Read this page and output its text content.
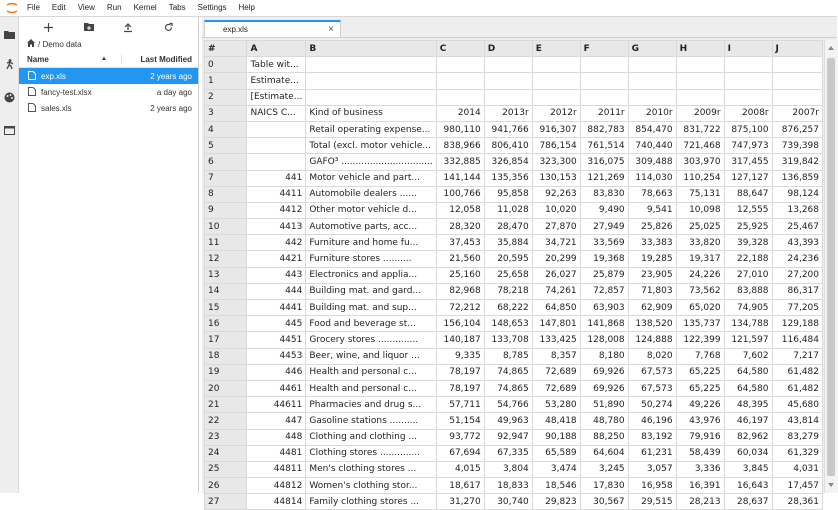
File	Edit	View	Run	Kernel	Tabs	Settings	Help
/ Demo data
Name	▲	Last Modified
exp.xls	2 years ago
fancy-test.xlsx	a day ago
sales.xls	2 years ago
exp.xls	×
#	A	B	C	D	E	F	G	H	I	J
0	Table wit...									
1	Estimate...									
2	[Estimate...									
3	NAICS C...	Kind of business	2014	2013r	2012r	2011r	2010r	2009r	2008r	2007r
4		Retail operating expense...	980,110	941,766	916,307	882,783	854,470	831,722	875,100	876,257
5		Total (excl. motor vehicle...	838,966	806,410	786,154	761,514	740,440	721,468	747,973	739,398
6		GAFO³ ................................	332,885	326,854	323,300	316,075	309,488	303,970	317,455	319,842
7	441	Motor vehicle and part...	141,144	135,356	130,153	121,269	114,030	110,254	127,127	136,859
8	4411	Automobile dealers ......	100,766	95,858	92,263	83,830	78,663	75,131	88,647	98,124
9	4412	Other motor vehicle d...	12,058	11,028	10,020	9,490	9,541	10,098	12,555	13,268
10	4413	Automotive parts, acc...	28,320	28,470	27,870	27,949	25,826	25,025	25,925	25,467
11	442	Furniture and home fu...	37,453	35,884	34,721	33,569	33,383	33,820	39,328	43,393
12	4421	Furniture stores ..........	21,560	20,595	20,299	19,368	19,285	19,317	22,188	24,236
13	443	Electronics and applia...	25,160	25,658	26,027	25,879	23,905	24,226	27,010	27,200
14	444	Building mat. and gard...	82,968	78,218	74,261	72,857	71,803	73,562	83,888	86,317
15	4441	Building mat. and sup...	72,212	68,222	64,850	63,903	62,909	65,020	74,905	77,205
16	445	Food and beverage st...	156,104	148,653	147,801	141,868	138,520	135,737	134,788	129,188
17	4451	Grocery stores ..............	140,187	133,708	133,425	128,008	124,888	122,399	121,597	116,484
18	4453	Beer, wine, and liquor ...	9,335	8,785	8,357	8,180	8,020	7,768	7,602	7,217
19	446	Health and personal c...	78,197	74,865	72,689	69,926	67,573	65,225	64,580	61,482
20	4461	Health and personal c...	78,197	74,865	72,689	69,926	67,573	65,225	64,580	61,482
21	44611	Pharmacies and drug s...	57,711	54,766	53,280	51,890	50,274	49,226	48,395	45,680
22	447	Gasoline stations ..........	51,154	49,963	48,418	48,780	46,196	43,976	46,197	43,814
23	448	Clothing and clothing ...	93,772	92,947	90,188	88,250	83,192	79,916	82,962	83,279
24	4481	Clothing stores ..............	67,694	67,335	65,589	64,604	61,231	58,439	60,034	61,329
25	44811	Men's clothing stores ...	4,015	3,804	3,474	3,245	3,057	3,336	3,845	4,031
26	44812	Women's clothing stor...	18,617	18,833	18,546	17,830	16,958	16,391	16,643	17,457
27	44814	Family clothing stores ...	31,270	30,740	29,823	30,567	29,515	28,213	28,637	28,361
